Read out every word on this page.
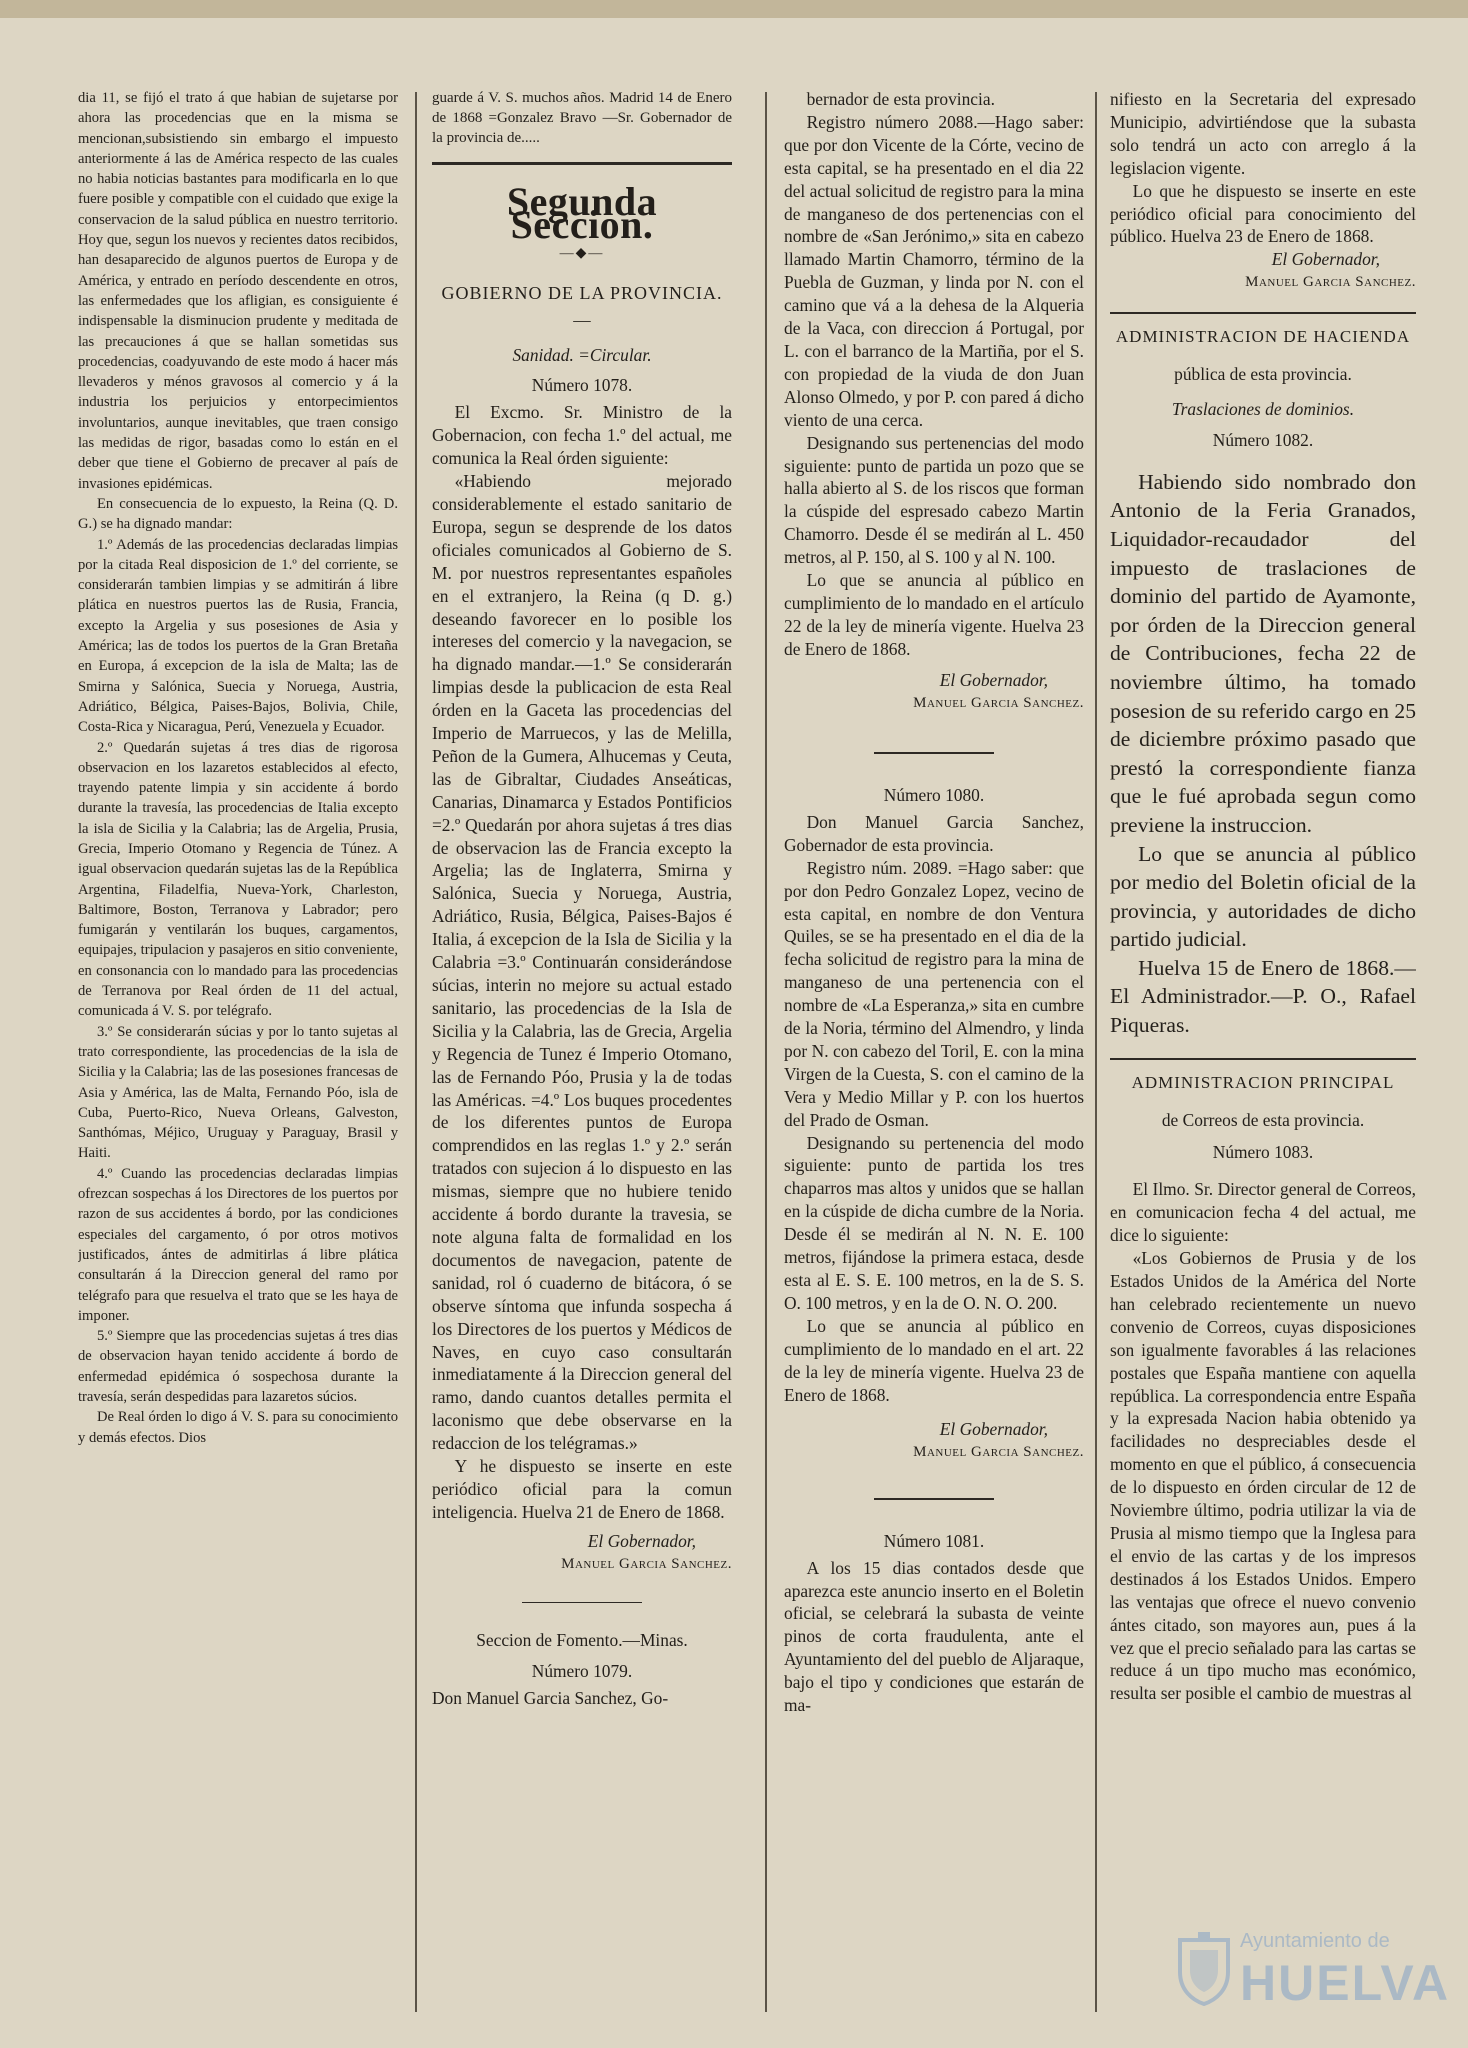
dia 11, se fijó el trato á que habian de sujetarse por ahora las procedencias que en la misma se mencionan,subsistiendo sin embargo el impuesto anteriormente á las de América respecto de las cuales no habia noticias bastantes para modificarla en lo que fuere posible y compatible con el cuidado que exige la conservacion de la salud pública en nuestro territorio. Hoy que, segun los nuevos y recientes datos recibidos, han desaparecido de algunos puertos de Europa y de América, y entrado en período descendente en otros, las enfermedades que los afligian, es consiguiente é indispensable la disminucion prudente y meditada de las precauciones á que se hallan sometidas sus procedencias, coadyuvando de este modo á hacer más llevaderos y ménos gravosos al comercio y á la industria los perjuicios y entorpecimientos involuntarios, aunque inevitables, que traen consigo las medidas de rigor, basadas como lo están en el deber que tiene el Gobierno de precaver al país de invasiones epidémicas.

En consecuencia de lo expuesto, la Reina (Q. D. G.) se ha dignado mandar:

1.º Además de las procedencias declaradas limpias por la citada Real disposicion de 1.º del corriente, se considerarán tambien limpias y se admitirán á libre plática en nuestros puertos las de Rusia, Francia, excepto la Argelia y sus posesiones de Asia y América; las de todos los puertos de la Gran Bretaña en Europa, á excepcion de la isla de Malta; las de Smirna y Salónica, Suecia y Noruega, Austria, Adriático, Bélgica, Paises-Bajos, Bolivia, Chile, Costa-Rica y Nicaragua, Perú, Venezuela y Ecuador.

2.º Quedarán sujetas á tres dias de rigorosa observacion en los lazaretos establecidos al efecto, trayendo patente limpia y sin accidente á bordo durante la travesía, las procedencias de Italia excepto la isla de Sicilia y la Calabria; las de Argelia, Prusia, Grecia, Imperio Otomano y Regencia de Túnez. A igual observacion quedarán sujetas las de la República Argentina, Filadelfia, Nueva-York, Charleston, Baltimore, Boston, Terranova y Labrador; pero fumigarán y ventilarán los buques, cargamentos, equipajes, tripulacion y pasajeros en sitio conveniente, en consonancia con lo mandado para las procedencias de Terranova por Real órden de 11 del actual, comunicada á V. S. por telégrafo.

3.º Se considerarán súcias y por lo tanto sujetas al trato correspondiente, las procedencias de la isla de Sicilia y la Calabria; las de las posesiones francesas de Asia y América, las de Malta, Fernando Póo, isla de Cuba, Puerto-Rico, Nueva Orleans, Galveston, Santhómas, Méjico, Uruguay y Paraguay, Brasil y Haiti.

4.º Cuando las procedencias declaradas limpias ofrezcan sospechas á los Directores de los puertos por razon de sus accidentes á bordo, por las condiciones especiales del cargamento, ó por otros motivos justificados, ántes de admitirlas á libre plática consultarán á la Direccion general del ramo por telégrafo para que resuelva el trato que se les haya de imponer.

5.º Siempre que las procedencias sujetas á tres dias de observacion hayan tenido accidente á bordo de enfermedad epidémica ó sospechosa durante la travesía, serán despedidas para lazaretos súcios.

De Real órden lo digo á V. S. para su conocimiento y demás efectos. Dios

guarde á V. S. muchos años. Madrid 14 de Enero de 1868 =Gonzalez Bravo —Sr. Gobernador de la provincia de.....

Segunda Seccion.
—◆—
GOBIERNO DE LA PROVINCIA.
—
Sanidad. =Circular.
Número 1078.

El Excmo. Sr. Ministro de la Gobernacion, con fecha 1.º del actual, me comunica la Real órden siguiente:

«Habiendo mejorado considerablemente el estado sanitario de Europa, segun se desprende de los datos oficiales comunicados al Gobierno de S. M. por nuestros representantes españoles en el extranjero, la Reina (q D. g.) deseando favorecer en lo posible los intereses del comercio y la navegacion, se ha dignado mandar.—1.º Se considerarán limpias desde la publicacion de esta Real órden en la Gaceta las procedencias del Imperio de Marruecos, y las de Melilla, Peñon de la Gumera, Alhucemas y Ceuta, las de Gibraltar, Ciudades Anseáticas, Canarias, Dinamarca y Estados Pontificios =2.º Quedarán por ahora sujetas á tres dias de observacion las de Francia excepto la Argelia; las de Inglaterra, Smirna y Salónica, Suecia y Noruega, Austria, Adriático, Rusia, Bélgica, Paises-Bajos é Italia, á excepcion de la Isla de Sicilia y la Calabria =3.º Continuarán considerándose súcias, interin no mejore su actual estado sanitario, las procedencias de la Isla de Sicilia y la Calabria, las de Grecia, Argelia y Regencia de Tunez é Imperio Otomano, las de Fernando Póo, Prusia y la de todas las Américas. =4.º Los buques procedentes de los diferentes puntos de Europa comprendidos en las reglas 1.º y 2.º serán tratados con sujecion á lo dispuesto en las mismas, siempre que no hubiere tenido accidente á bordo durante la travesia, se note alguna falta de formalidad en los documentos de navegacion, patente de sanidad, rol ó cuaderno de bitácora, ó se observe síntoma que infunda sospecha á los Directores de los puertos y Médicos de Naves, en cuyo caso consultarán inmediatamente á la Direccion general del ramo, dando cuantos detalles permita el laconismo que debe observarse en la redaccion de los telégramas.»

Y he dispuesto se inserte en este periódico oficial para la comun inteligencia. Huelva 21 de Enero de 1868.

El Gobernador,
Manuel Garcia Sanchez.
Seccion de Fomento.—Minas.
Número 1079.

Don Manuel Garcia Sanchez, Go-

bernador de esta provincia.

Registro número 2088.—Hago saber: que por don Vicente de la Córte, vecino de esta capital, se ha presentado en el dia 22 del actual solicitud de registro para la mina de manganeso de dos pertenencias con el nombre de «San Jerónimo,» sita en cabezo llamado Martin Chamorro, término de la Puebla de Guzman, y linda por N. con el camino que vá a la dehesa de la Alqueria de la Vaca, con direccion á Portugal, por L. con el barranco de la Martiña, por el S. con propiedad de la viuda de don Juan Alonso Olmedo, y por P. con pared á dicho viento de una cerca.

Designando sus pertenencias del modo siguiente: punto de partida un pozo que se halla abierto al S. de los riscos que forman la cúspide del espresado cabezo Martin Chamorro. Desde él se medirán al L. 450 metros, al P. 150, al S. 100 y al N. 100.

Lo que se anuncia al público en cumplimiento de lo mandado en el artículo 22 de la ley de minería vigente. Huelva 23 de Enero de 1868.

El Gobernador,
Manuel Garcia Sanchez.
Número 1080.

Don Manuel Garcia Sanchez, Gobernador de esta provincia.

Registro núm. 2089. =Hago saber: que por don Pedro Gonzalez Lopez, vecino de esta capital, en nombre de don Ventura Quiles, se se ha presentado en el dia de la fecha solicitud de registro para la mina de manganeso de una pertenencia con el nombre de «La Esperanza,» sita en cumbre de la Noria, término del Almendro, y linda por N. con cabezo del Toril, E. con la mina Virgen de la Cuesta, S. con el camino de la Vera y Medio Millar y P. con los huertos del Prado de Osman.

Designando su pertenencia del modo siguiente: punto de partida los tres chaparros mas altos y unidos que se hallan en la cúspide de dicha cumbre de la Noria. Desde él se medirán al N. N. E. 100 metros, fijándose la primera estaca, desde esta al E. S. E. 100 metros, en la de S. S. O. 100 metros, y en la de O. N. O. 200.

Lo que se anuncia al público en cumplimiento de lo mandado en el art. 22 de la ley de minería vigente. Huelva 23 de Enero de 1868.

El Gobernador,
Manuel Garcia Sanchez.
Número 1081.

A los 15 dias contados desde que aparezca este anuncio inserto en el Boletin oficial, se celebrará la subasta de veinte pinos de corta fraudulenta, ante el Ayuntamiento del del pueblo de Aljaraque, bajo el tipo y condiciones que estarán de ma-

nifiesto en la Secretaria del expresado Municipio, advirtiéndose que la subasta solo tendrá un acto con arreglo á la legislacion vigente.

Lo que he dispuesto se inserte en este periódico oficial para conocimiento del público. Huelva 23 de Enero de 1868.

El Gobernador,
Manuel Garcia Sanchez.
ADMINISTRACION DE HACIENDA
pública de esta provincia.
Traslaciones de dominios.
Número 1082.

Habiendo sido nombrado don Antonio de la Feria Granados, Liquidador-recaudador del impuesto de traslaciones de dominio del partido de Ayamonte, por órden de la Direccion general de Contribuciones, fecha 22 de noviembre último, ha tomado posesion de su referido cargo en 25 de diciembre próximo pasado que prestó la correspondiente fianza que le fué aprobada segun como previene la instruccion.

Lo que se anuncia al público por medio del Boletin oficial de la provincia, y autoridades de dicho partido judicial.

Huelva 15 de Enero de 1868.—El Administrador.—P. O., Rafael Piqueras.

ADMINISTRACION PRINCIPAL
de Correos de esta provincia.
Número 1083.

El Ilmo. Sr. Director general de Correos, en comunicacion fecha 4 del actual, me dice lo siguiente:

«Los Gobiernos de Prusia y de los Estados Unidos de la América del Norte han celebrado recientemente un nuevo convenio de Correos, cuyas disposiciones son igualmente favorables á las relaciones postales que España mantiene con aquella república. La correspondencia entre España y la expresada Nacion habia obtenido ya facilidades no despreciables desde el momento en que el público, á consecuencia de lo dispuesto en órden circular de 12 de Noviembre último, podria utilizar la via de Prusia al mismo tiempo que la Inglesa para el envio de las cartas y de los impresos destinados á los Estados Unidos. Empero las ventajas que ofrece el nuevo convenio ántes citado, son mayores aun, pues á la vez que el precio señalado para las cartas se reduce á un tipo mucho mas económico, resulta ser posible el cambio de muestras al

Ayuntamiento de
HUELVA
